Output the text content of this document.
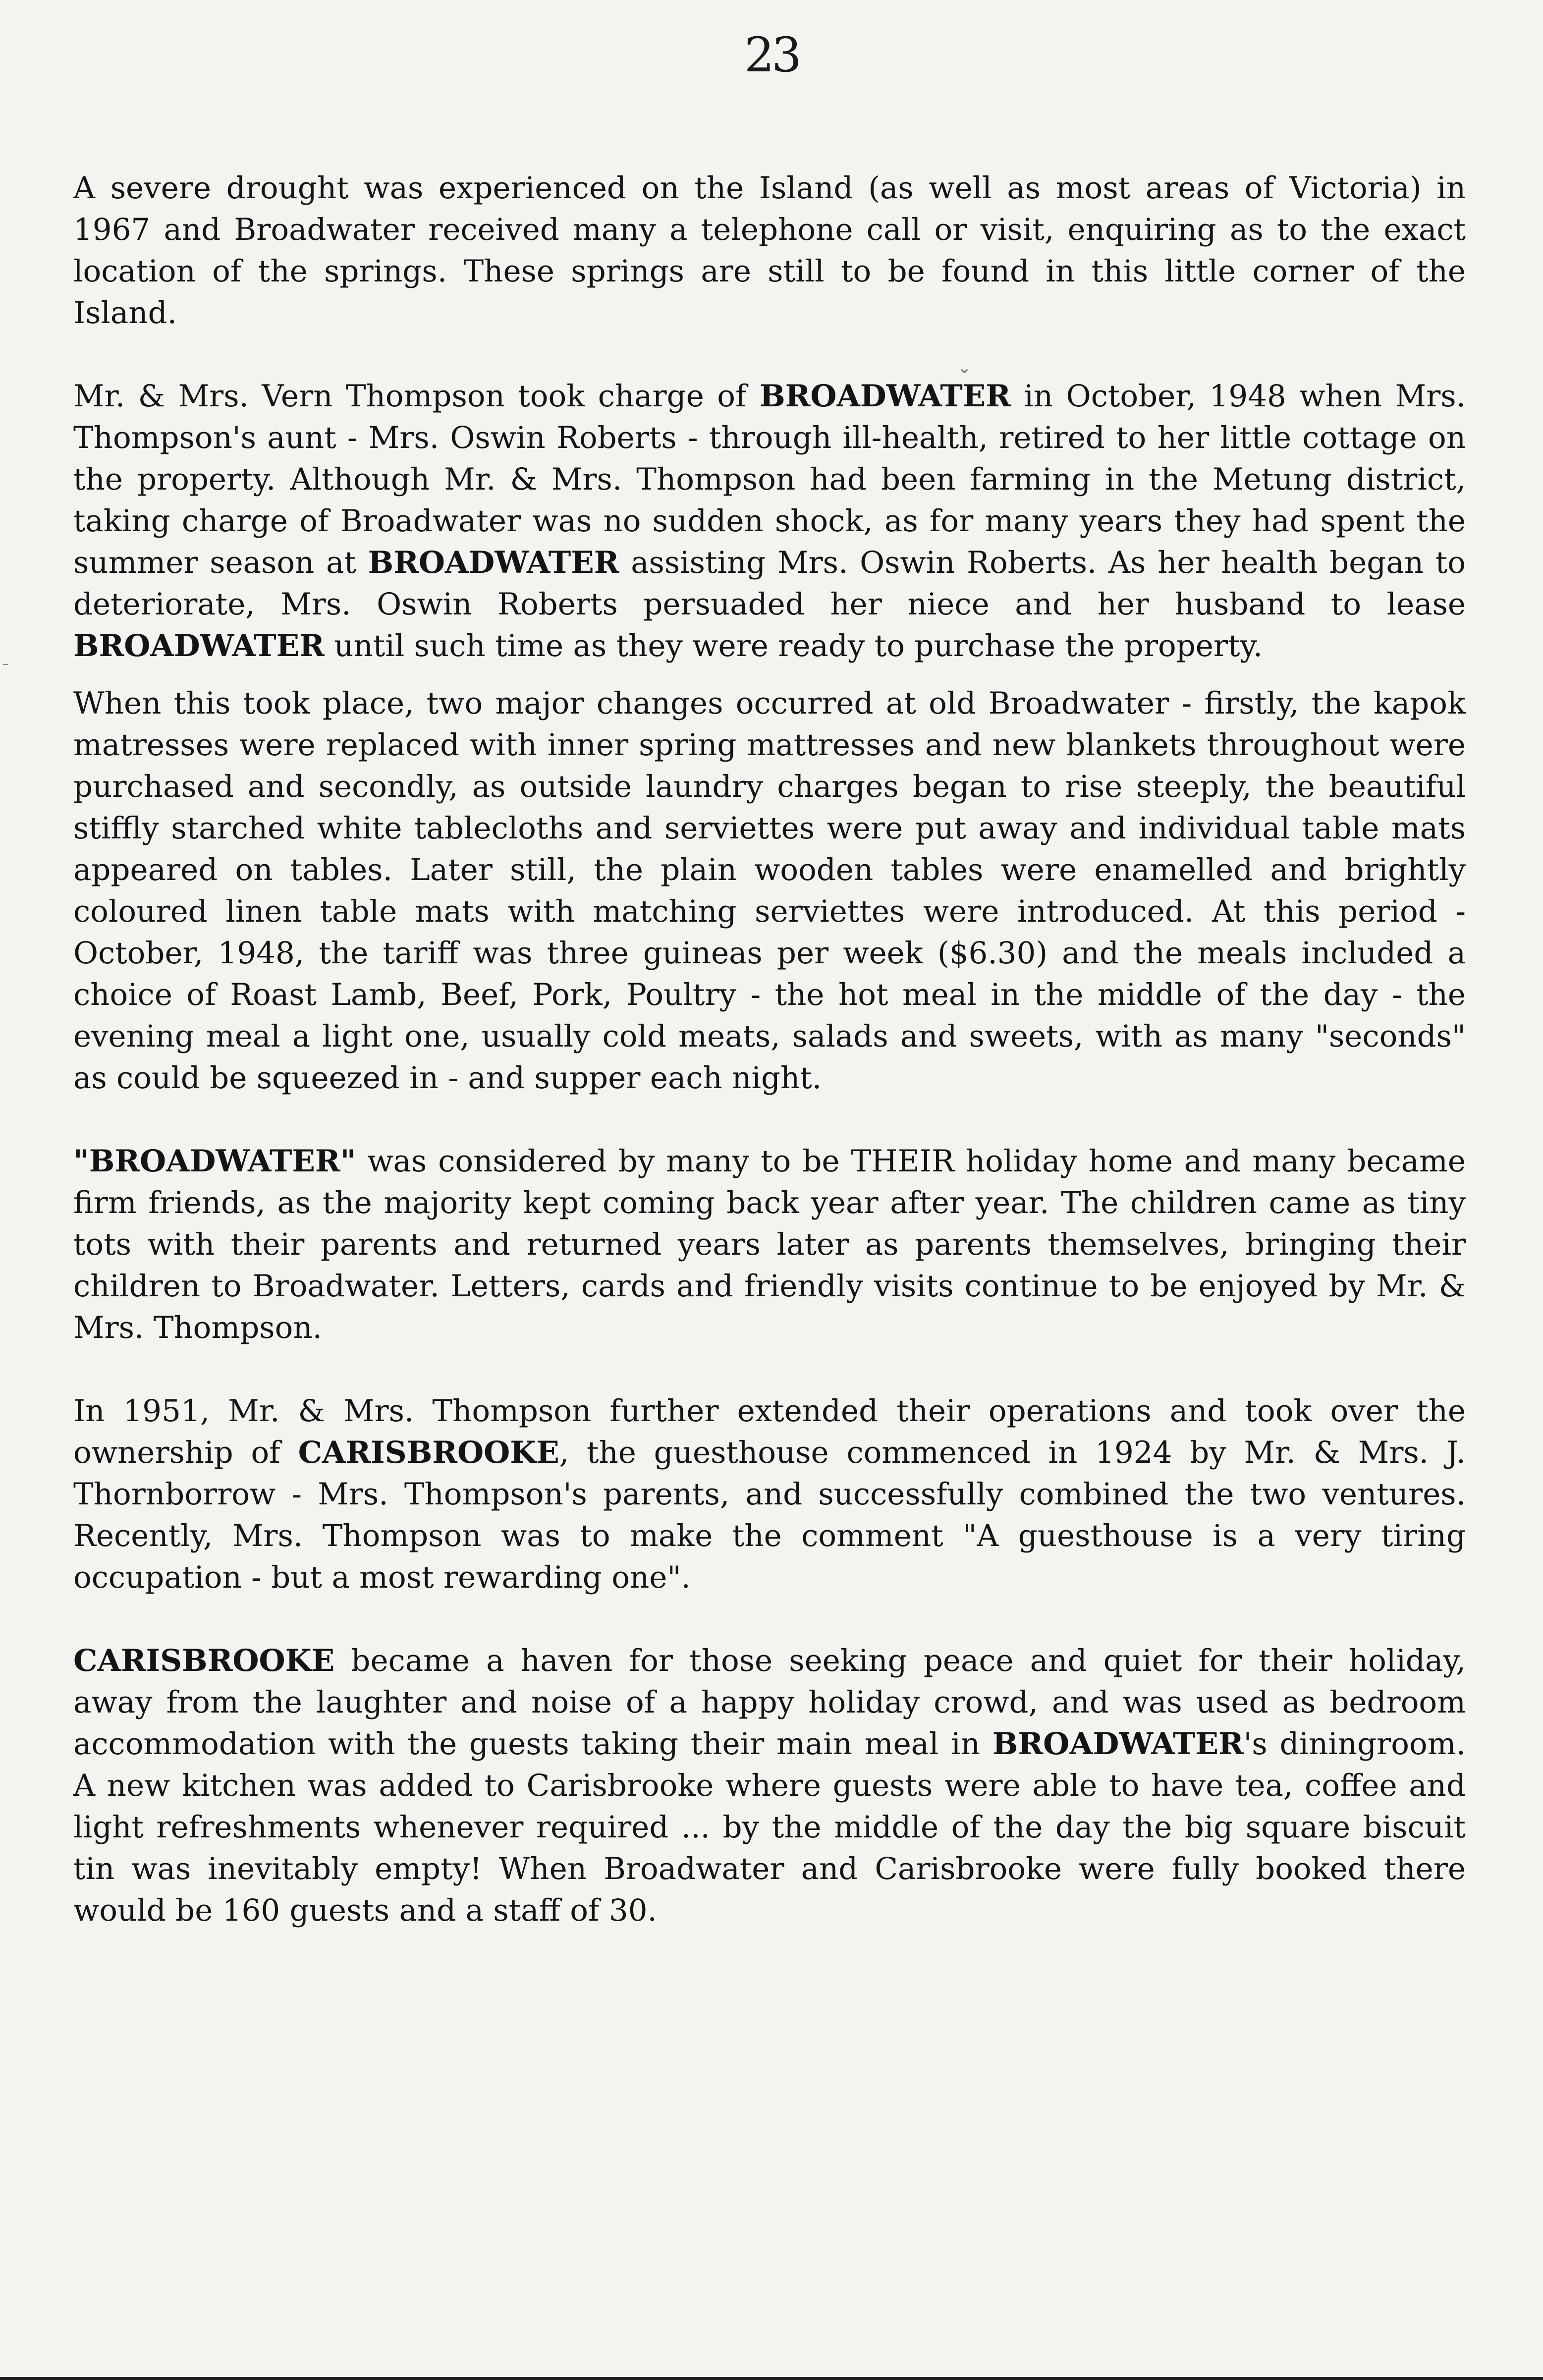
23
⌄

A severe drought was experienced on the Island (as well as most areas of Victoria) in 1967 and Broadwater received many a telephone call or visit, enquiring as to the exact location of the springs. These springs are still to be found in this little corner of the Island.

Mr. & Mrs. Vern Thompson took charge of BROADWATER in October, 1948 when Mrs. Thompson's aunt - Mrs. Oswin Roberts - through ill-health, retired to her little cottage on the property. Although Mr. & Mrs. Thompson had been farming in the Metung district, taking charge of Broadwater was no sudden shock, as for many years they had spent the summer season at BROADWATER assisting Mrs. Oswin Roberts. As her health began to deteriorate, Mrs. Oswin Roberts persuaded her niece and her husband to lease BROADWATER until such time as they were ready to purchase the property.

When this took place, two major changes occurred at old Broadwater - firstly, the kapok matresses were replaced with inner spring mattresses and new blankets throughout were purchased and secondly, as outside laundry charges began to rise steeply, the beautiful stiffly starched white tablecloths and serviettes were put away and individual table mats appeared on tables. Later still, the plain wooden tables were enamelled and brightly coloured linen table mats with matching serviettes were introduced. At this period - October, 1948, the tariff was three guineas per week ($6.30) and the meals included a choice of Roast Lamb, Beef, Pork, Poultry - the hot meal in the middle of the day - the evening meal a light one, usually cold meats, salads and sweets, with as many "seconds" as could be squeezed in - and supper each night.

"BROADWATER" was considered by many to be THEIR holiday home and many became firm friends, as the majority kept coming back year after year. The children came as tiny tots with their parents and returned years later as parents themselves, bringing their children to Broadwater. Letters, cards and friendly visits continue to be enjoyed by Mr. & Mrs. Thompson.

In 1951, Mr. & Mrs. Thompson further extended their operations and took over the ownership of CARISBROOKE, the guesthouse commenced in 1924 by Mr. & Mrs. J. Thornborrow - Mrs. Thompson's parents, and successfully combined the two ventures. Recently, Mrs. Thompson was to make the comment "A guesthouse is a very tiring occupation - but a most rewarding one".

CARISBROOKE became a haven for those seeking peace and quiet for their holiday, away from the laughter and noise of a happy holiday crowd, and was used as bedroom accommodation with the guests taking their main meal in BROADWATER's diningroom. A new kitchen was added to Carisbrooke where guests were able to have tea, coffee and light refreshments whenever required ... by the middle of the day the big square biscuit tin was inevitably empty! When Broadwater and Carisbrooke were fully booked there would be 160 guests and a staff of 30.
